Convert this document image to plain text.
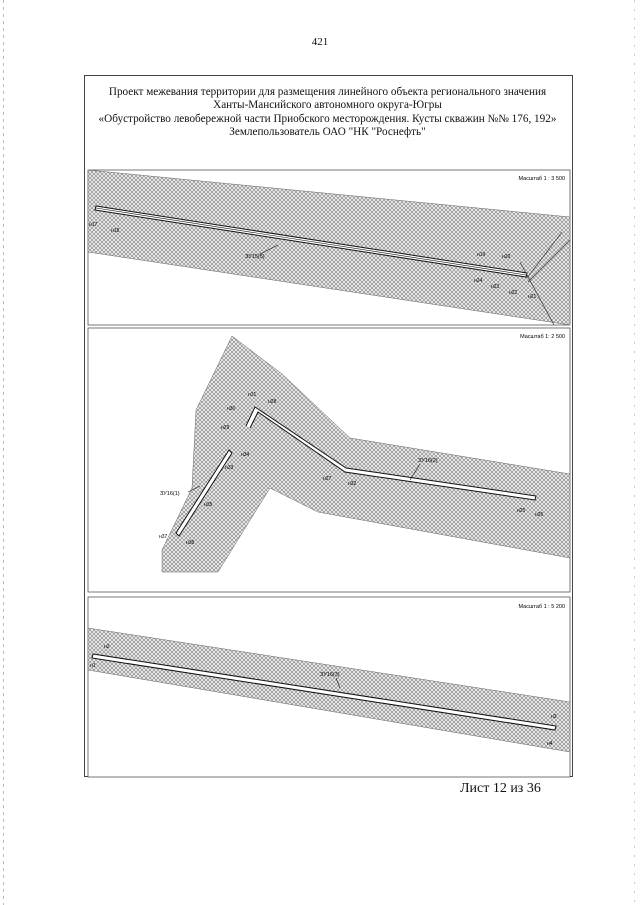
421
Проект межевания территории для размещения линейного объекта регионального значения
Ханты-Мансийского автономного округа-Югры
«Обустройство левобережной части Приобского месторождения. Кусты скважин №№ 176, 192»
Землепользователь ОАО "НК "Роснефть"
Масштаб 1 : 3 500
ЗУ15(5)
н17
н18
н19	н20
н21
н22
н23
н24
Масштаб 1: 2 500
ЗУ16(1)
ЗУ16(2)
н31
н28
н30
н29
н34
н33
н35
н37
н36
н27
н32
н25
н26
Масштаб 1 : 5 200
ЗУ16(3)
н2
н1
н3
н4
Лист 12 из 36
